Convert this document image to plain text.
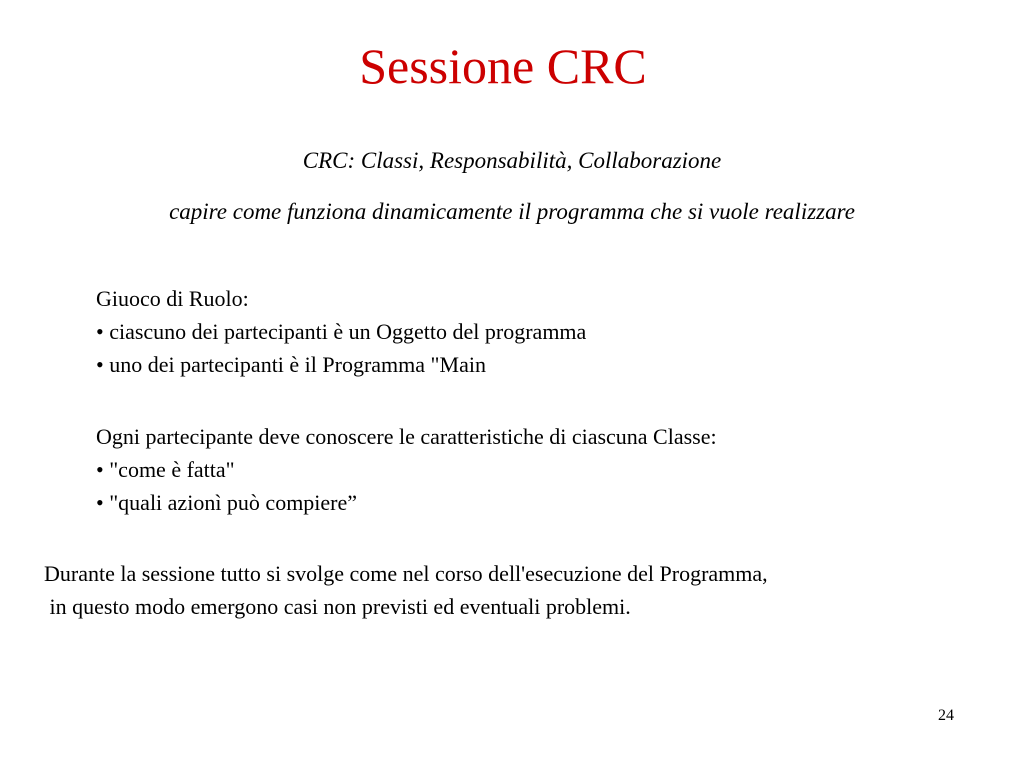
Sessione CRC

CRC: Classi, Responsabilità, Collaborazione

capire come funziona dinamicamente il programma che si vuole realizzare

Giuoco di Ruolo:
• ciascuno dei partecipanti è un Oggetto del programma
• uno dei partecipanti è il Programma "Main
Ogni partecipante deve conoscere le caratteristiche di ciascuna Classe:
• "come è fatta"
• "quali azionì può compiere”
Durante la sessione tutto si svolge come nel corso dell'esecuzione del Programma,
in questo modo emergono casi non previsti ed eventuali problemi.
24
